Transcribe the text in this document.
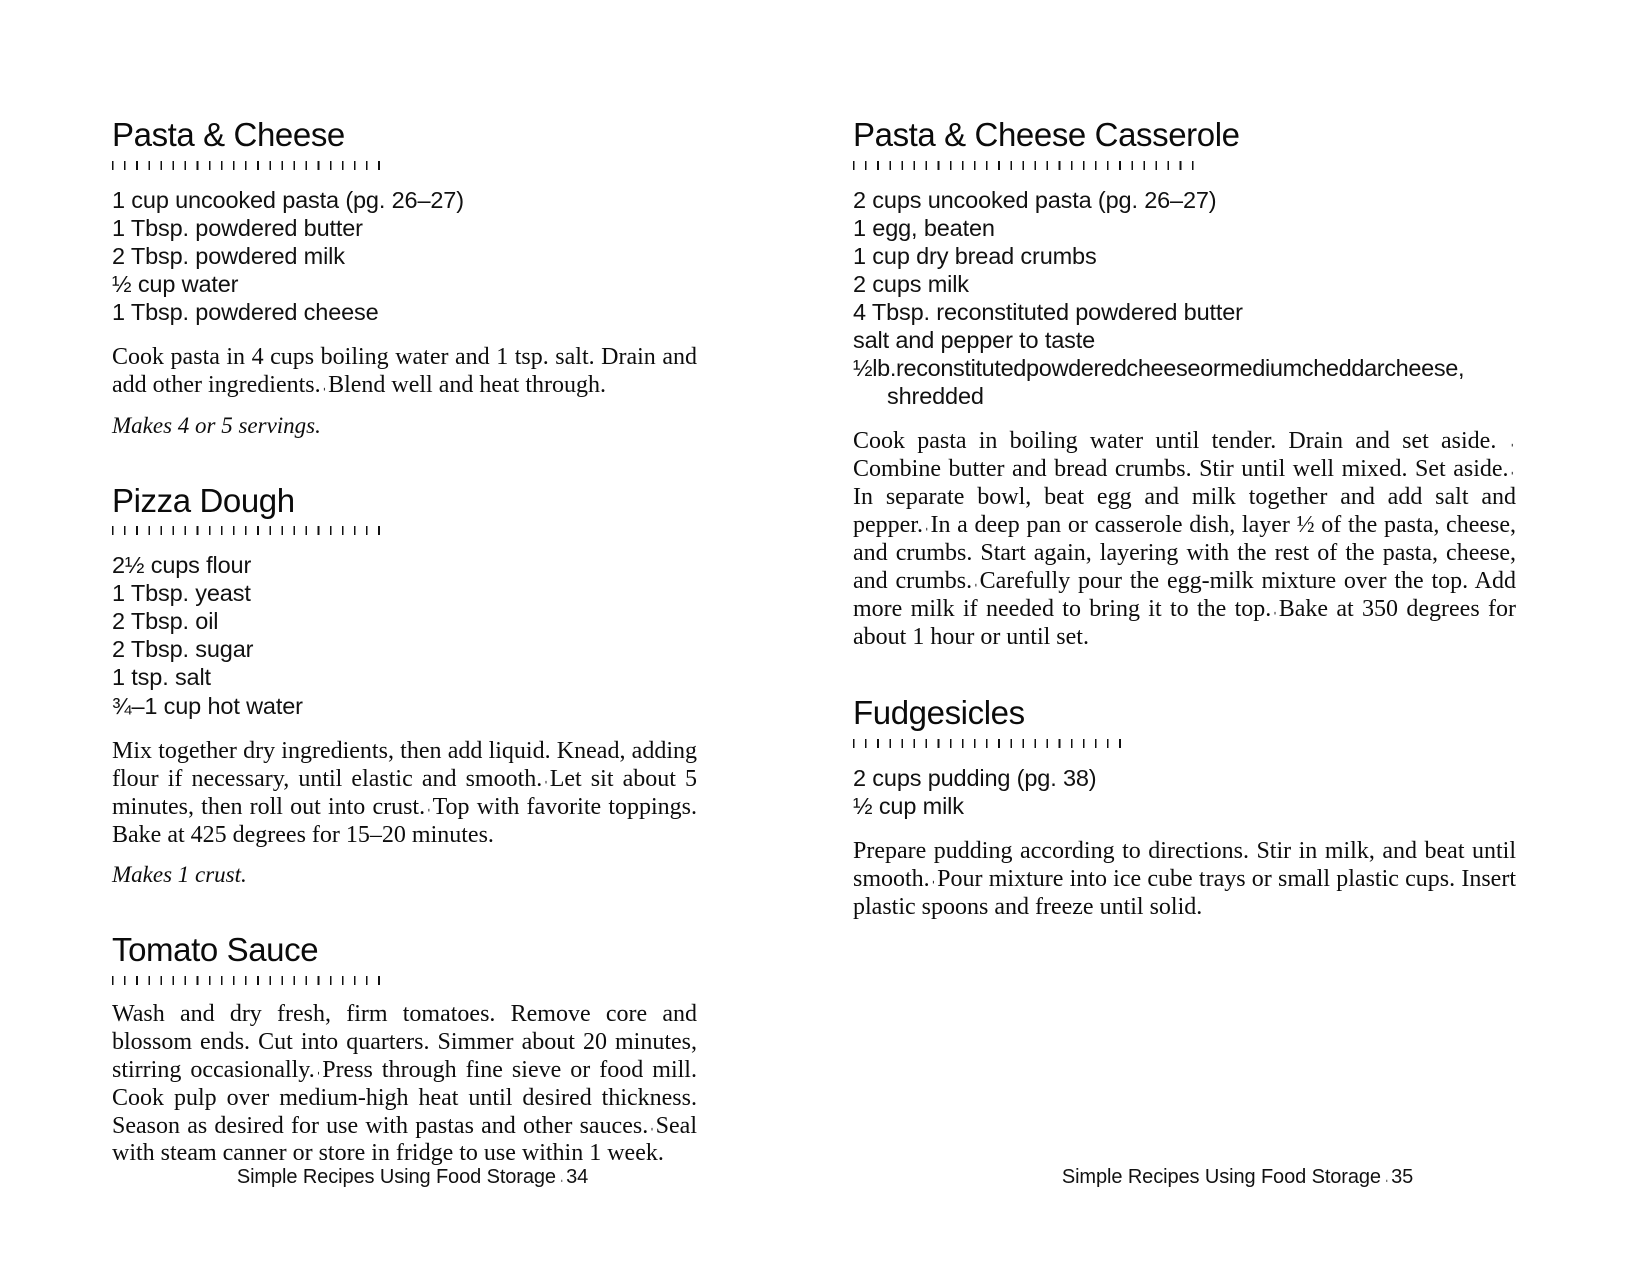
Pasta & Cheese
1 cup uncooked pasta (pg. 26–27)
1 Tbsp. powdered butter
2 Tbsp. powdered milk
½ cup water
1 Tbsp. powdered cheese

Cook pasta in 4 cups boiling water and 1 tsp. salt. Drain and add other ingredients.ˌBlend well and heat through.

Makes 4 or 5 servings.

Pizza Dough
2½ cups flour
1 Tbsp. yeast
2 Tbsp. oil
2 Tbsp. sugar
1 tsp. salt
¾–1 cup hot water

Mix together dry ingredients, then add liquid. Knead, adding flour if necessary, until elastic and smooth.ˌLet sit about 5 minutes, then roll out into crust.ˌTop with favorite toppings. Bake at 425 degrees for 15–20 minutes.

Makes 1 crust.

Tomato Sauce

Wash and dry fresh, firm tomatoes. Remove core and blossom ends. Cut into quarters. Simmer about 20 minutes, stirring occasionally.ˌPress through fine sieve or food mill. Cook pulp over medium-high heat until desired thickness. Season as desired for use with pastas and other sauces.ˌSeal with steam canner or store in fridge to use within 1 week.

Simple Recipes Using Food Storage ˌ 34
Pasta & Cheese Casserole
2 cups uncooked pasta (pg. 26–27)
1 egg, beaten
1 cup dry bread crumbs
2 cups milk
4 Tbsp. reconstituted powdered butter
salt and pepper to taste
½lb.reconstitutedpowderedcheeseormediumcheddarcheese,
shredded

Cook pasta in boiling water until tender. Drain and set aside. ˌCombine butter and bread crumbs. Stir until well mixed. Set aside.ˌIn separate bowl, beat egg and milk together and add salt and pepper.ˌIn a deep pan or casserole dish, layer ½ of the pasta, cheese, and crumbs. Start again, layering with the rest of the pasta, cheese, and crumbs.ˌCarefully pour the egg-milk mixture over the top. Add more milk if needed to bring it to the top.ˌBake at 350 degrees for about 1 hour or until set.

Fudgesicles
2 cups pudding (pg. 38)
½ cup milk

Prepare pudding according to directions. Stir in milk, and beat until smooth.ˌPour mixture into ice cube trays or small plastic cups. Insert plastic spoons and freeze until solid.

Simple Recipes Using Food Storage ˌ 35
